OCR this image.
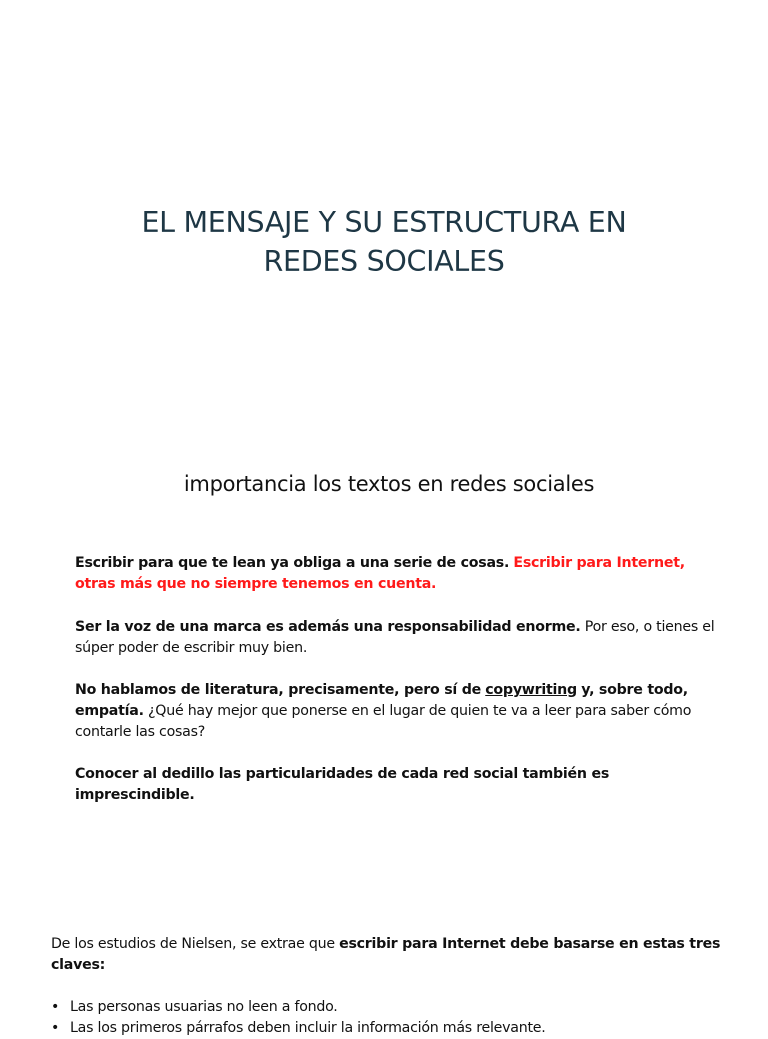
EL MENSAJE Y SU ESTRUCTURA EN
REDES SOCIALES
importancia los textos en redes sociales
Escribir para que te lean ya obliga a una serie de cosas. Escribir para Internet, otras más que no siempre tenemos en cuenta.
Ser la voz de una marca es además una responsabilidad enorme. Por eso, o tienes el súper poder de escribir muy bien.
No hablamos de literatura, precisamente, pero sí de copywriting y, sobre todo, empatía. ¿Qué hay mejor que ponerse en el lugar de quien te va a leer para saber cómo contarle las cosas?
Conocer al dedillo las particularidades de cada red social también es imprescindible.
De los estudios de Nielsen, se extrae que escribir para Internet debe basarse en estas tres claves:
• Las personas usuarias no leen a fondo.
• Las los primeros párrafos deben incluir la información más relevante.
